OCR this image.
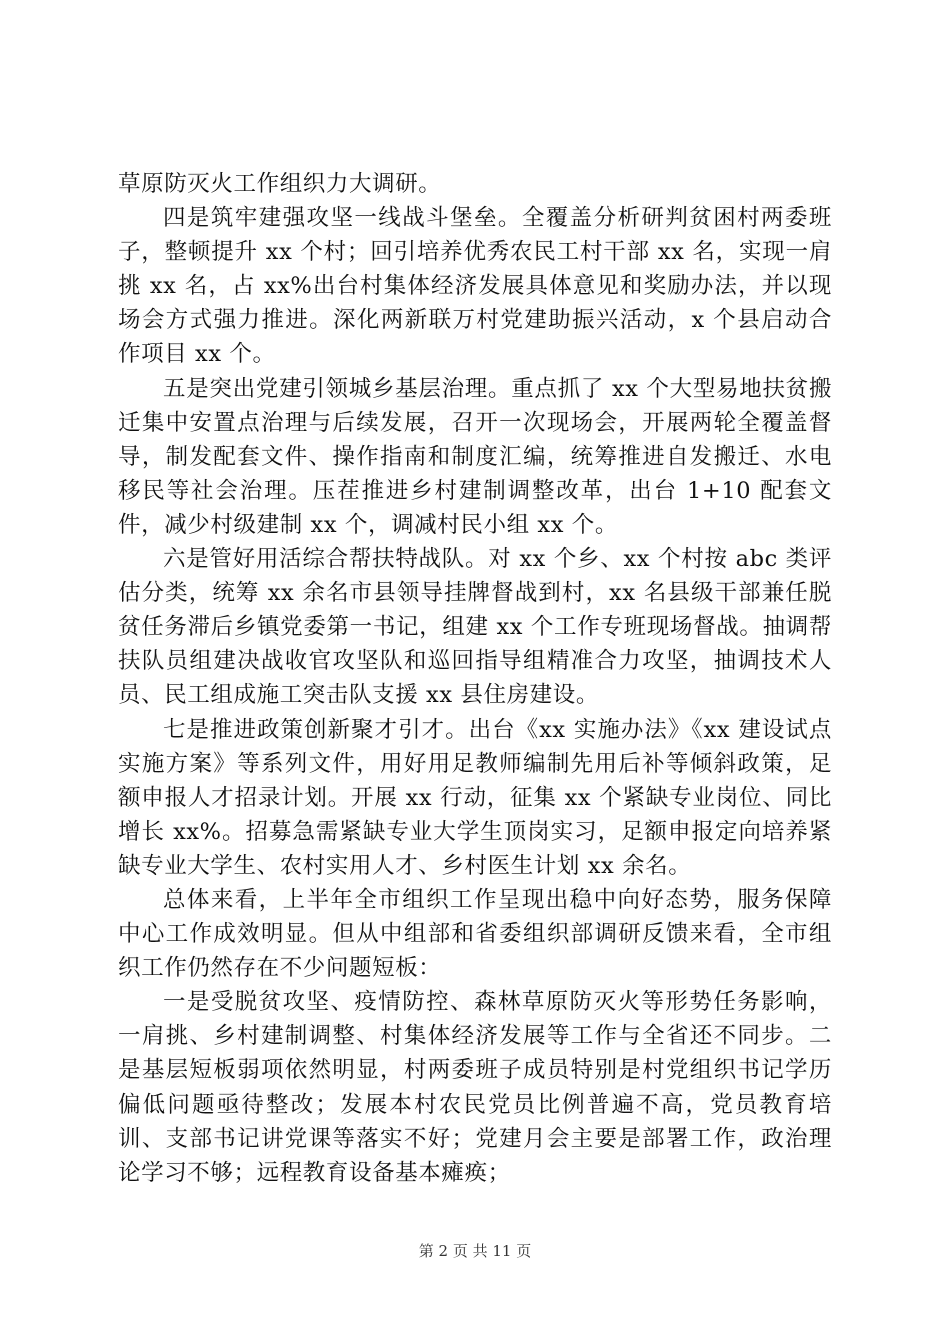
草原防灭火工作组织力大调研。

四是筑牢建强攻坚一线战斗堡垒。全覆盖分析研判贫困村两委班子，整顿提升 xx 个村；回引培养优秀农民工村干部 xx 名，实现一肩挑 xx 名，占 xx%出台村集体经济发展具体意见和奖励办法，并以现场会方式强力推进。深化两新联万村党建助振兴活动，x 个县启动合作项目 xx 个。

五是突出党建引领城乡基层治理。重点抓了 xx 个大型易地扶贫搬迁集中安置点治理与后续发展，召开一次现场会，开展两轮全覆盖督导，制发配套文件、操作指南和制度汇编，统筹推进自发搬迁、水电移民等社会治理。压茬推进乡村建制调整改革，出台 1+10 配套文件，减少村级建制 xx 个，调减村民小组 xx 个。

六是管好用活综合帮扶特战队。对 xx 个乡、xx 个村按 abc 类评估分类，统筹 xx 余名市县领导挂牌督战到村，xx 名县级干部兼任脱贫任务滞后乡镇党委第一书记，组建 xx 个工作专班现场督战。抽调帮扶队员组建决战收官攻坚队和巡回指导组精准合力攻坚，抽调技术人员、民工组成施工突击队支援 xx 县住房建设。

七是推进政策创新聚才引才。出台《xx 实施办法》《xx 建设试点实施方案》等系列文件，用好用足教师编制先用后补等倾斜政策，足额申报人才招录计划。开展 xx 行动，征集 xx 个紧缺专业岗位、同比增长 xx%。招募急需紧缺专业大学生顶岗实习，足额申报定向培养紧缺专业大学生、农村实用人才、乡村医生计划 xx 余名。

总体来看，上半年全市组织工作呈现出稳中向好态势，服务保障中心工作成效明显。但从中组部和省委组织部调研反馈来看，全市组织工作仍然存在不少问题短板：

一是受脱贫攻坚、疫情防控、森林草原防灭火等形势任务影响，一肩挑、乡村建制调整、村集体经济发展等工作与全省还不同步。二是基层短板弱项依然明显，村两委班子成员特别是村党组织书记学历偏低问题亟待整改；发展本村农民党员比例普遍不高，党员教育培训、支部书记讲党课等落实不好；党建月会主要是部署工作，政治理论学习不够；远程教育设备基本瘫痪；

第 2 页 共 11 页
